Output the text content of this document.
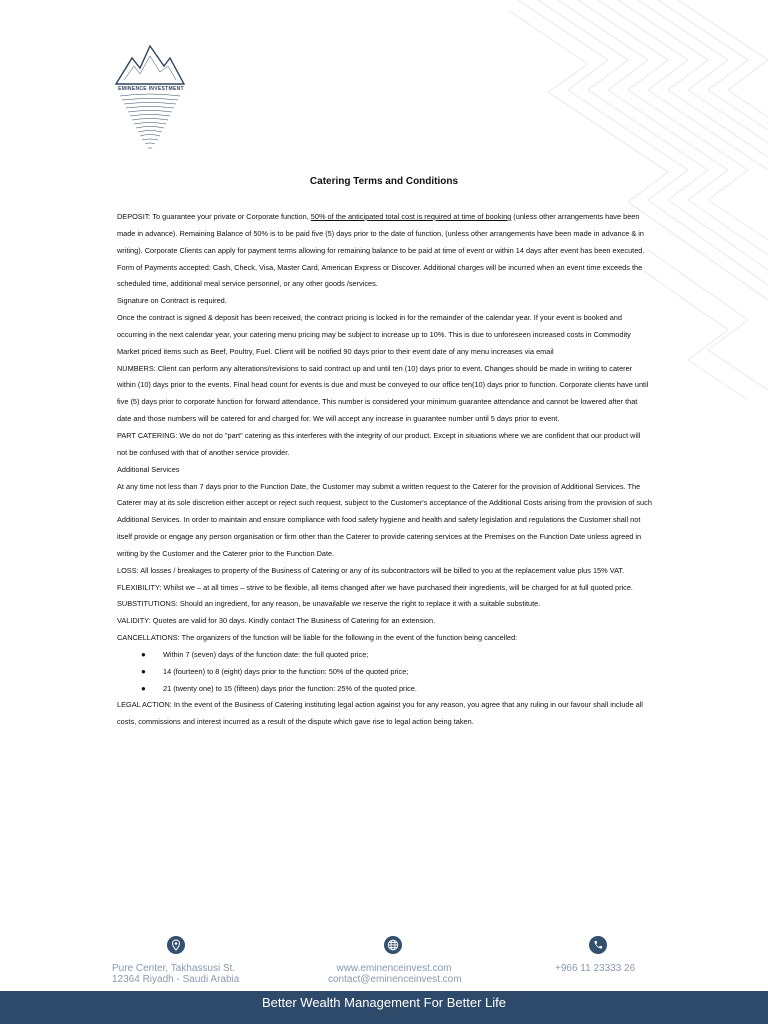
EMINENCE INVESTMENT
Catering Terms and Conditions

DEPOSIT: To guarantee your private or Corporate function, 50% of the anticipated total cost is required at time of booking (unless other arrangements have been made in advance). Remaining Balance of 50% is to be paid five (5) days prior to the date of function, (unless other arrangements have been made in advance & in writing). Corporate Clients can apply for payment terms allowing for remaining balance to be paid at time of event or within 14 days after event has been executed.

Form of Payments accepted: Cash, Check, Visa, Master Card, American Express or Discover. Additional charges will be incurred when an event time exceeds the scheduled time, additional meal service personnel, or any other goods /services.

Signature on Contract is required.

Once the contract is signed & deposit has been received, the contract pricing is locked in for the remainder of the calendar year. If your event is booked and occurring in the next calendar year, your catering menu pricing may be subject to increase up to 10%. This is due to unforeseen increased costs in Commodity Market priced items such as Beef, Poultry, Fuel. Client will be notified 90 days prior to their event date of any menu increases via email

NUMBERS: Client can perform any alterations/revisions to said contract up and until ten (10) days prior to event. Changes should be made in writing to caterer within (10) days prior to the events. Final head count for events is due and must be conveyed to our office ten(10) days prior to function. Corporate clients have until five (5) days prior to corporate function for forward attendance. This number is considered your minimum guarantee attendance and cannot be lowered after that date and those numbers will be catered for and charged for. We will accept any increase in guarantee number until 5 days prior to event.

PART CATERING: We do not do "part" catering as this interferes with the integrity of our product. Except in situations where we are confident that our product will not be confused with that of another service provider.

Additional Services

At any time not less than 7 days prior to the Function Date, the Customer may submit a written request to the Caterer for the provision of Additional Services. The Caterer may at its sole discretion either accept or reject such request, subject to the Customer's acceptance of the Additional Costs arising from the provision of such Additional Services. In order to maintain and ensure compliance with food safety hygiene and health and safety legislation and regulations the Customer shall not itself provide or engage any person organisation or firm other than the Caterer to provide catering services at the Premises on the Function Date unless agreed in writing by the Customer and the Caterer prior to the Function Date.

LOSS: All losses / breakages to property of the Business of Catering or any of its subcontractors will be billed to you at the replacement value plus 15% VAT.

FLEXIBILITY: Whilst we – at all times – strive to be flexible, all items changed after we have purchased their ingredients, will be charged for at full quoted price.

SUBSTITUTIONS: Should an ingredient, for any reason, be unavailable we reserve the right to replace it with a suitable substitute.

VALIDITY: Quotes are valid for 30 days. Kindly contact The Business of Catering for an extension.

CANCELLATIONS: The organizers of the function will be liable for the following in the event of the function being cancelled:

● Within 7 (seven) days of the function date: the full quoted price;
● 14 (fourteen) to 8 (eight) days prior to the function: 50% of the quoted price;
● 21 (twenty one) to 15 (fifteen) days prior the function: 25% of the quoted price.

LEGAL ACTION: In the event of the Business of Catering instituting legal action against you for any reason, you agree that any ruling in our favour shall include all costs, commissions and interest incurred as a result of the dispute which gave rise to legal action being taken.

Pure Center, Takhassusi St.
12364 Riyadh - Saudi Arabia
www.eminenceinvest.com
contact@eminenceinvest.com
+966 11 23333 26
Better Wealth Management For Better Life
